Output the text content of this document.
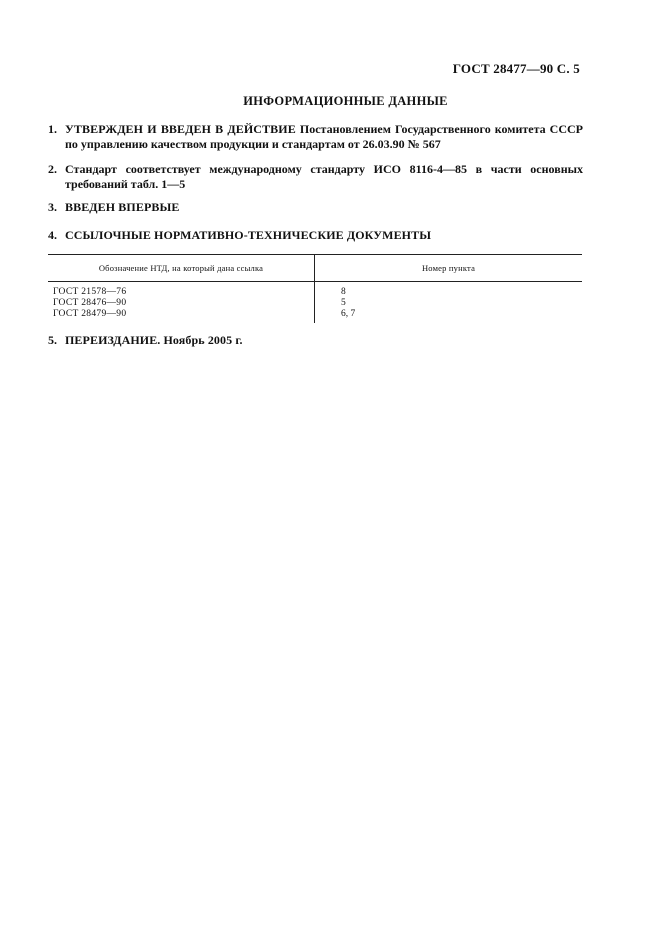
ГОСТ 28477—90 С. 5
ИНФОРМАЦИОННЫЕ ДАННЫЕ
1. УТВЕРЖДЕН И ВВЕДЕН В ДЕЙСТВИЕ Постановлением Государственного комитета СССР по управлению качеством продукции и стандартам от 26.03.90 № 567
2. Стандарт соответствует международному стандарту ИСО 8116-4—85 в части основных требований табл. 1—5
3. ВВЕДЕН ВПЕРВЫЕ
4. ССЫЛОЧНЫЕ НОРМАТИВНО-ТЕХНИЧЕСКИЕ ДОКУМЕНТЫ
Обозначение НТД, на который дана ссылка	Номер пункта
ГОСТ 21578—76	8
ГОСТ 28476—90	5
ГОСТ 28479—90	6, 7
5. ПЕРЕИЗДАНИЕ. Ноябрь 2005 г.
